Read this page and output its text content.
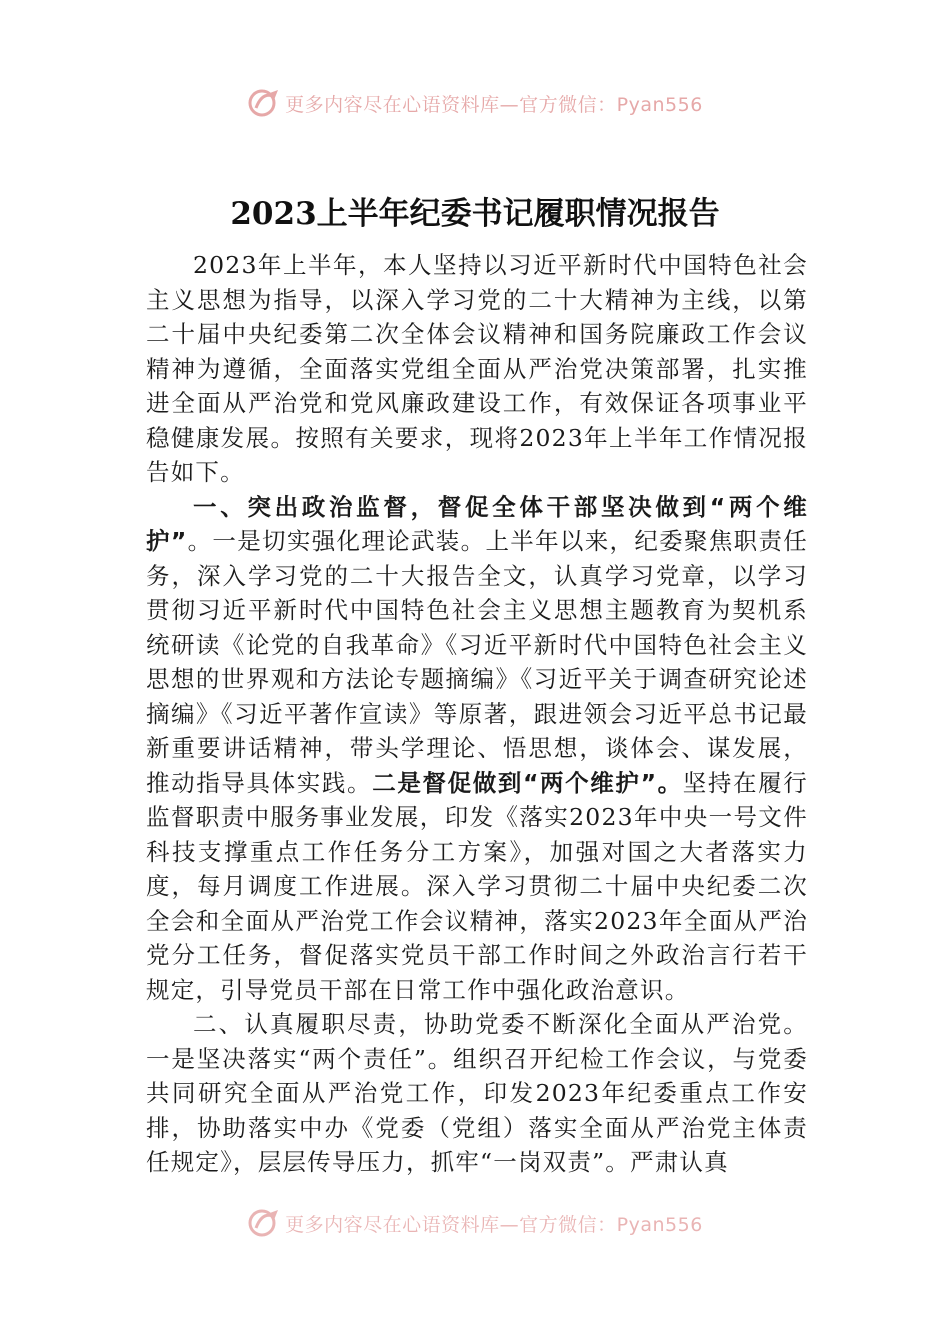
更多内容尽在心语资料库—官方微信：Pyan556
2023上半年纪委书记履职情况报告

2023年上半年，本人坚持以习近平新时代中国特色社会主义思想为指导，以深入学习党的二十大精神为主线，以第二十届中央纪委第二次全体会议精神和国务院廉政工作会议精神为遵循，全面落实党组全面从严治党决策部署，扎实推进全面从严治党和党风廉政建设工作，有效保证各项事业平稳健康发展。按照有关要求，现将2023年上半年工作情况报告如下。

一、突出政治监督，督促全体干部坚决做到“两个维护”。一是切实强化理论武装。上半年以来，纪委聚焦职责任务，深入学习党的二十大报告全文，认真学习党章，以学习贯彻习近平新时代中国特色社会主义思想主题教育为契机系统研读《论党的自我革命》《习近平新时代中国特色社会主义思想的世界观和方法论专题摘编》《习近平关于调查研究论述摘编》《习近平著作宣读》等原著，跟进领会习近平总书记最新重要讲话精神，带头学理论、悟思想，谈体会、谋发展，推动指导具体实践。二是督促做到“两个维护”。坚持在履行监督职责中服务事业发展，印发《落实2023年中央一号文件科技支撑重点工作任务分工方案》，加强对国之大者落实力度，每月调度工作进展。深入学习贯彻二十届中央纪委二次全会和全面从严治党工作会议精神，落实2023年全面从严治党分工任务，督促落实党员干部工作时间之外政治言行若干规定，引导党员干部在日常工作中强化政治意识。

二、认真履职尽责，协助党委不断深化全面从严治党。一是坚决落实“两个责任”。组织召开纪检工作会议，与党委共同研究全面从严治党工作，印发2023年纪委重点工作安排，协助落实中办《党委（党组）落实全面从严治党主体责任规定》，层层传导压力，抓牢“一岗双责”。严肃认真

更多内容尽在心语资料库—官方微信：Pyan556
